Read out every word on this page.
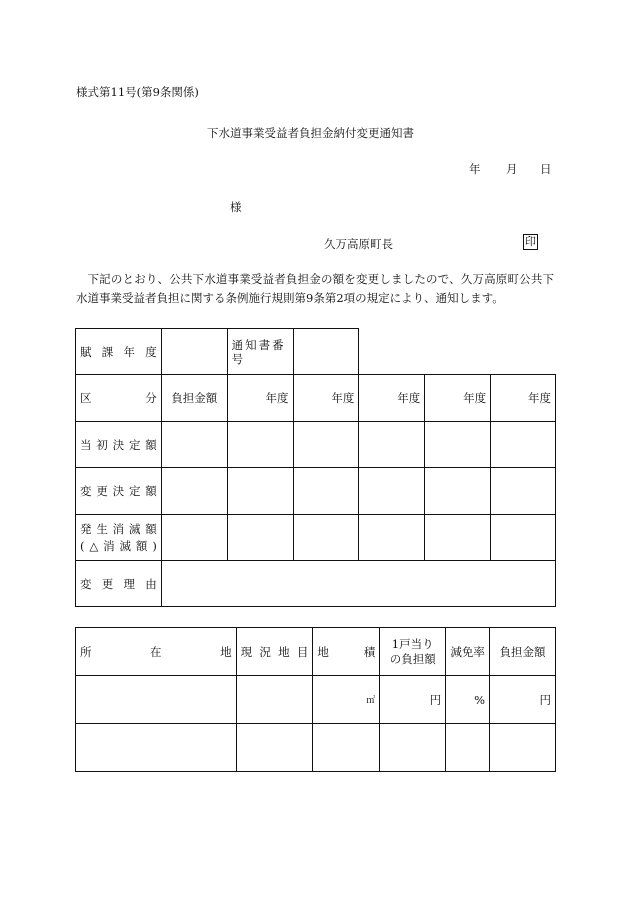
様式第11号(第9条関係)
下水道事業受益者負担金納付変更通知書
年 月 日
様
久万高原町長	印
下記のとおり、公共下水道事業受益者負担金の額を変更しましたので、久万高原町公共下水道事業受益者負担に関する条例施行規則第9条第2項の規定により、通知します。
賦課年度		通知書番号				

区分	負担金額	年度	年度	年度	年度	年度

当初決定額						

変更決定額						

発生消滅額
(△消滅額)						

変更理由						

所在地	現況地目	地積	1戸当り
の負担額	減免率	負担金額
		㎡	円	%	円
